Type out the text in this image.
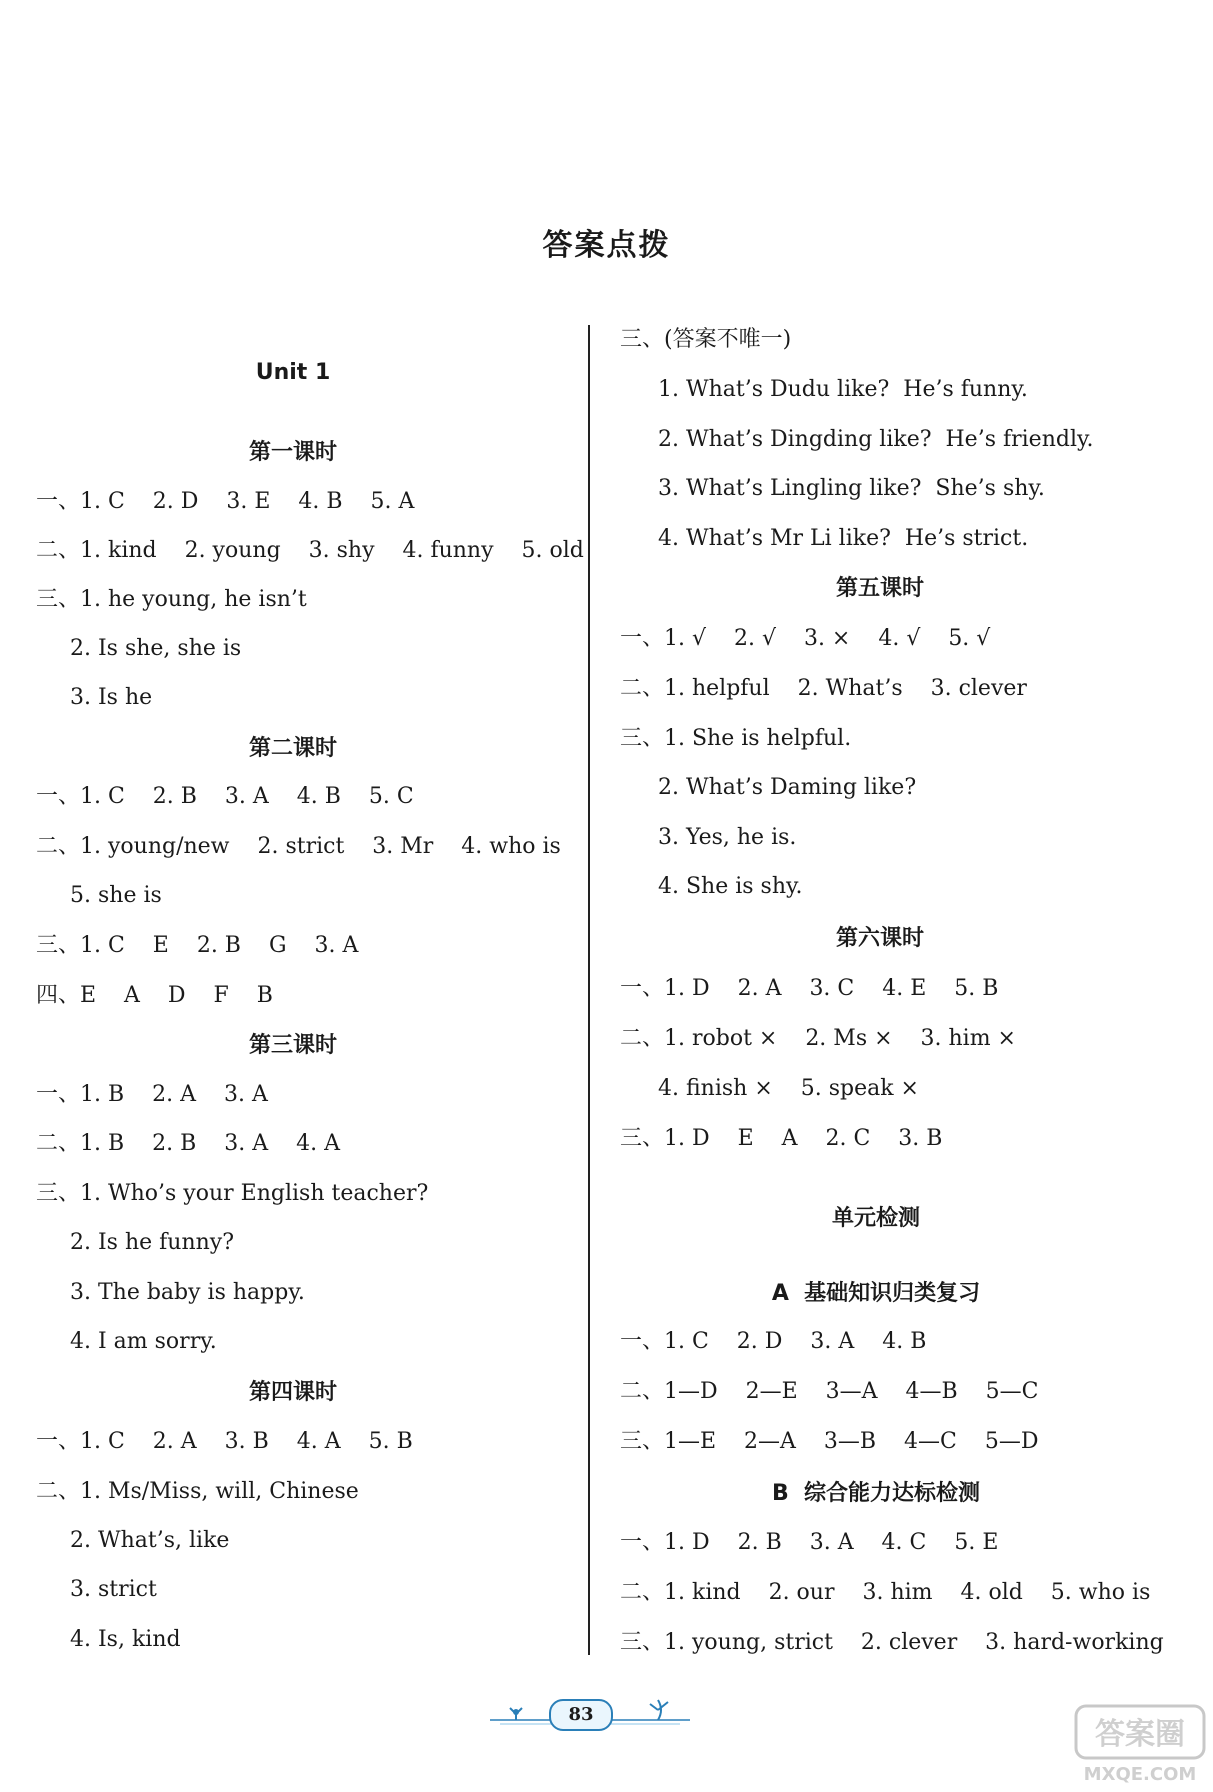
答案点拨
Unit 1
第一课时
一、1. C    2. D    3. E    4. B    5. A
二、1. kind    2. young    3. shy    4. funny    5. old
三、1. he young, he isn’t
2. Is she, she is
3. Is he
第二课时
一、1. C    2. B    3. A    4. B    5. C
二、1. young/new    2. strict    3. Mr    4. who is
5. she is
三、1. C    E    2. B    G    3. A
四、E    A    D    F    B
第三课时
一、1. B    2. A    3. A
二、1. B    2. B    3. A    4. A
三、1. Who’s your English teacher?
2. Is he funny?
3. The baby is happy.
4. I am sorry.
第四课时
一、1. C    2. A    3. B    4. A    5. B
二、1. Ms/Miss, will, Chinese
2. What’s, like
3. strict
4. Is, kind
三、(答案不唯一)
1. What’s Dudu like?  He’s funny.
2. What’s Dingding like?  He’s friendly.
3. What’s Lingling like?  She’s shy.
4. What’s Mr Li like?  He’s strict.
第五课时
一、1. √    2. √    3. ×    4. √    5. √
二、1. helpful    2. What’s    3. clever
三、1. She is helpful.
2. What’s Daming like?
3. Yes, he is.
4. She is shy.
第六课时
一、1. D    2. A    3. C    4. E    5. B
二、1. robot ×    2. Ms ×    3. him ×
4. finish ×    5. speak ×
三、1. D    E    A    2. C    3. B
单元检测
A  基础知识归类复习
一、1. C    2. D    3. A    4. B
二、1—D    2—E    3—A    4—B    5—C
三、1—E    2—A    3—B    4—C    5—D
B  综合能力达标检测
一、1. D    2. B    3. A    4. C    5. E
二、1. kind    2. our    3. him    4. old    5. who is
三、1. young, strict    2. clever    3. hard-working
83
答案圈
MXQE.COM
